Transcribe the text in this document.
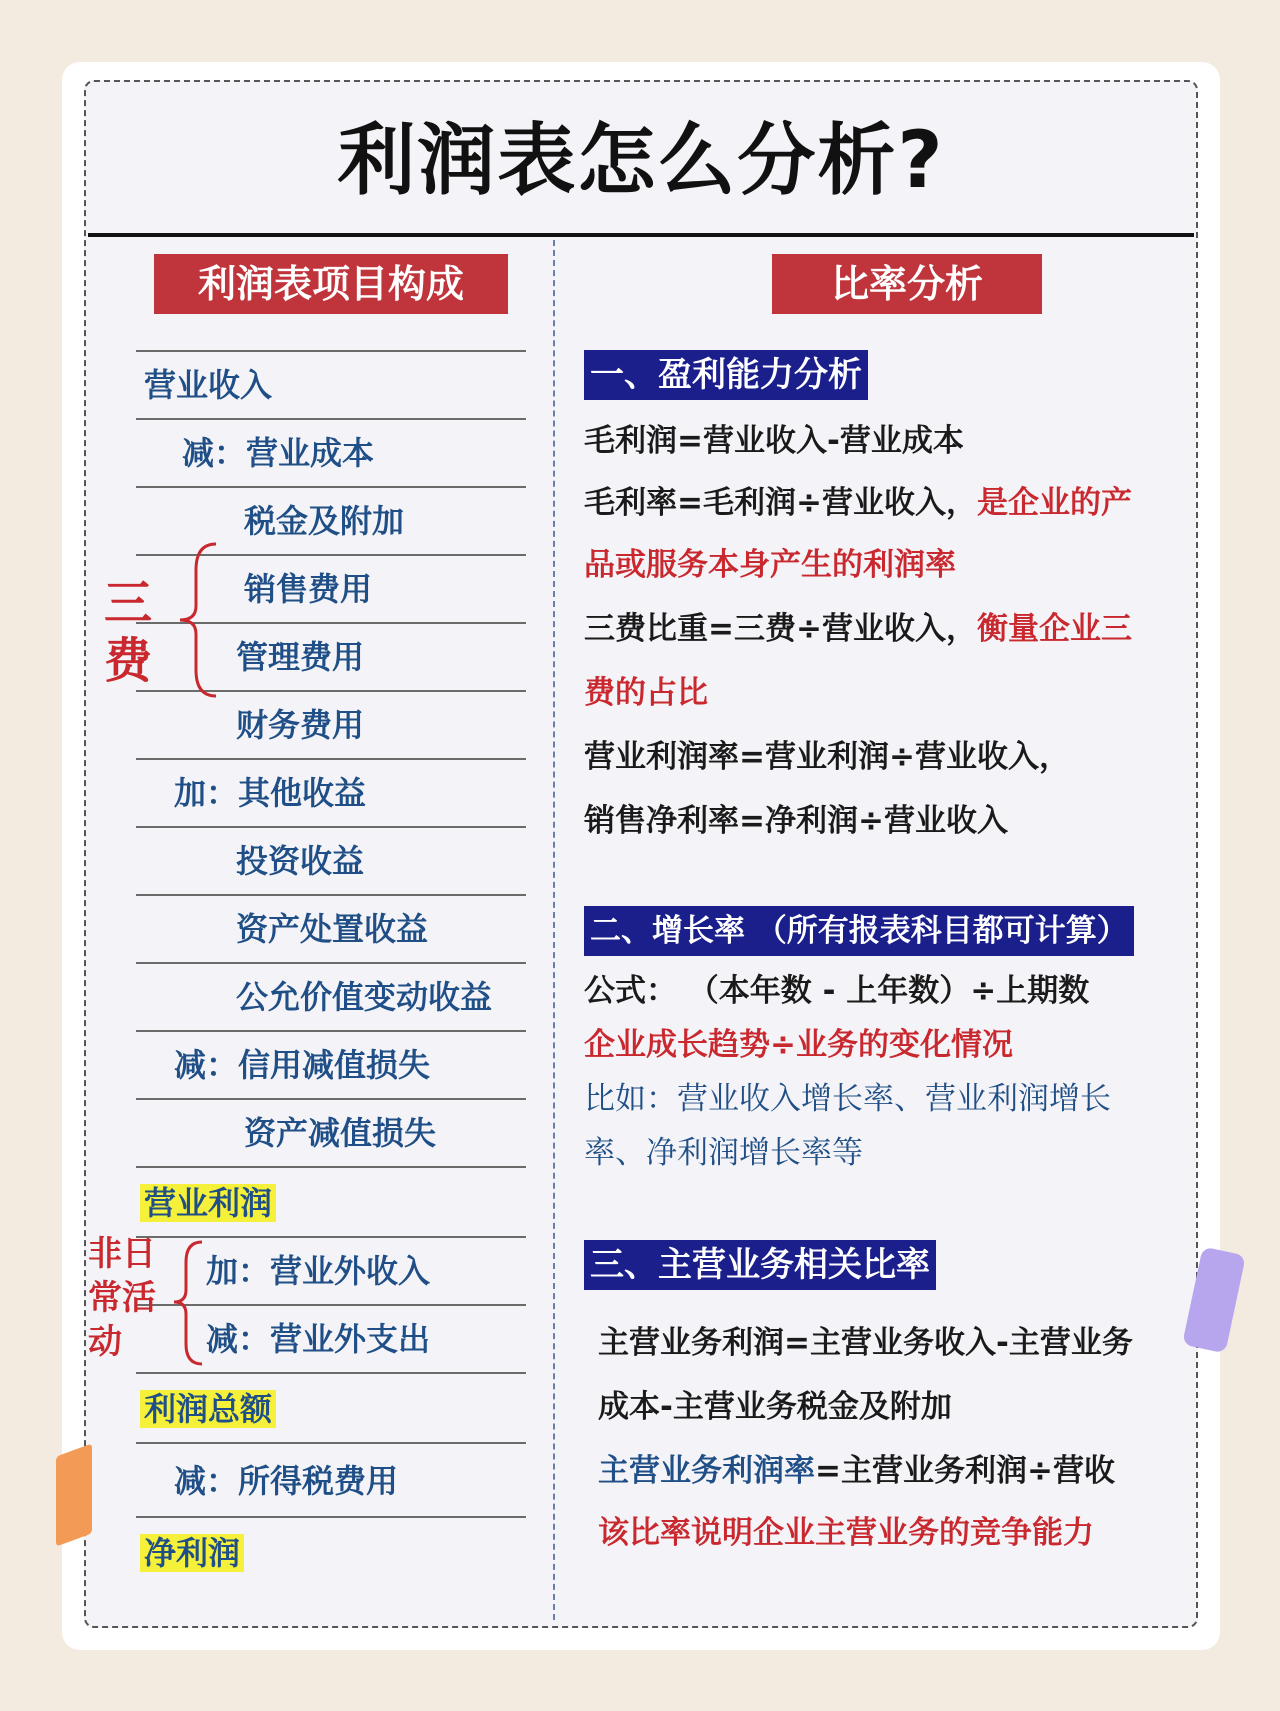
利润表怎么分析?
利润表项目构成
营业收入
减：营业成本
税金及附加
销售费用
管理费用
财务费用
加：其他收益
投资收益
资产处置收益
公允价值变动收益
减：信用减值损失
资产减值损失
营业利润
加：营业外收入
减：营业外支出
利润总额
减：所得税费用
净利润
三费
非日
常活
动
比率分析
一、盈利能力分析
毛利润=营业收入-营业成本
毛利率=毛利润÷营业收入，是企业的产
品或服务本身产生的利润率
三费比重=三费÷营业收入，衡量企业三
费的占比
营业利润率=营业利润÷营业收入，
销售净利率=净利润÷营业收入
二、增长率 （所有报表科目都可计算）
公式： （本年数 - 上年数）÷上期数
企业成长趋势÷业务的变化情况
比如：营业收入增长率、营业利润增长
率、净利润增长率等
三、主营业务相关比率
主营业务利润=主营业务收入-主营业务
成本-主营业务税金及附加
主营业务利润率=主营业务利润÷营收
该比率说明企业主营业务的竞争能力
